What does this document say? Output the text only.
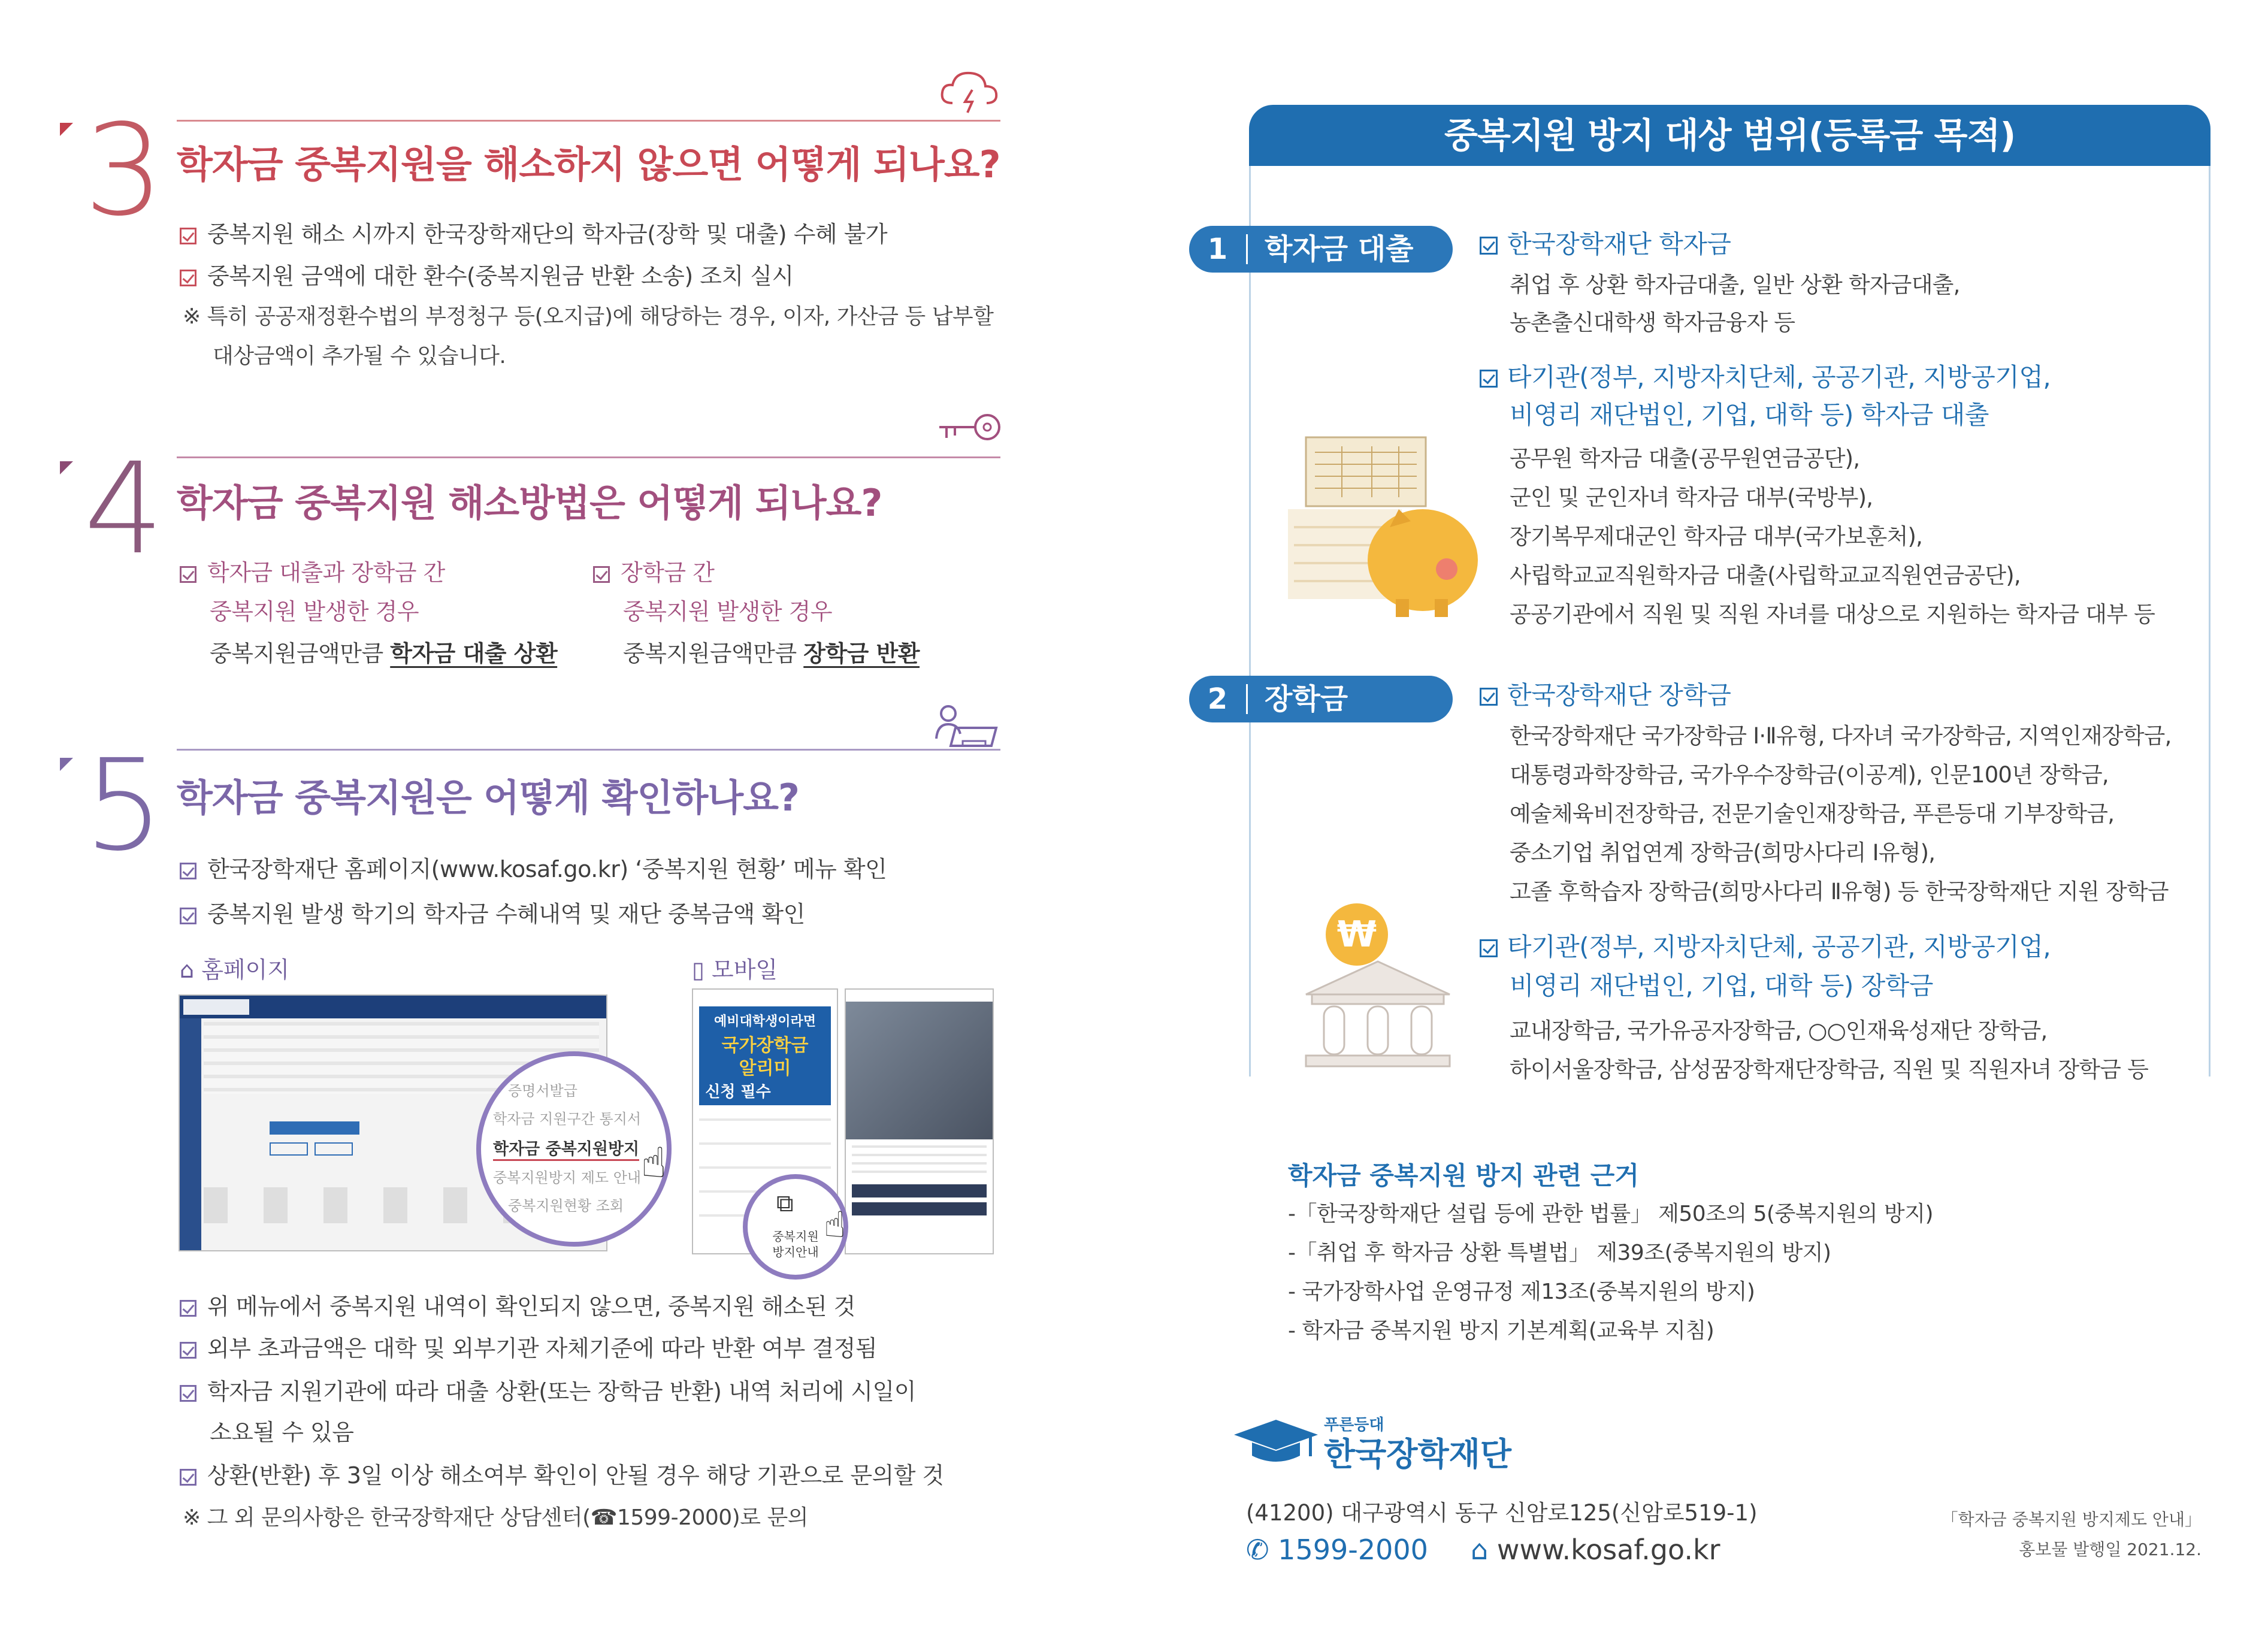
3 학자금 중복지원을 해소하지 않으면 어떻게 되나요?
중복지원 해소 시까지 한국장학재단의 학자금(장학 및 대출) 수혜 불가
중복지원 금액에 대한 환수(중복지원금 반환 소송) 조치 실시
※ 특히 공공재정환수법의 부정청구 등(오지급)에 해당하는 경우, 이자, 가산금 등 납부할
대상금액이 추가될 수 있습니다.
4 학자금 중복지원 해소방법은 어떻게 되나요?
학자금 대출과 장학금 간
중복지원 발생한 경우
중복지원금액만큼 학자금 대출 상환
장학금 간
중복지원 발생한 경우
중복지원금액만큼 장학금 반환
5 학자금 중복지원은 어떻게 확인하나요?
한국장학재단 홈페이지(www.kosaf.go.kr) ‘중복지원 현황’ 메뉴 확인
중복지원 발생 학기의 학자금 수혜내역 및 재단 중복금액 확인
⌂ 홈페이지	▯ 모바일
증명서발급
학자금 지원구간 통지서
학자금 중복지원방지
중복지원방지 제도 안내
중복지원현황 조회
☝
예비대학생이라면
국가장학금
알리미
신청 필수
⧉
중복지원
방지안내
☝
위 메뉴에서 중복지원 내역이 확인되지 않으면, 중복지원 해소된 것
외부 초과금액은 대학 및 외부기관 자체기준에 따라 반환 여부 결정됨
학자금 지원기관에 따라 대출 상환(또는 장학금 반환) 내역 처리에 시일이
소요될 수 있음
상환(반환) 후 3일 이상 해소여부 확인이 안될 경우 해당 기관으로 문의할 것
※ 그 외 문의사항은 한국장학재단 상담센터(☎1599-2000)로 문의
중복지원 방지 대상 범위(등록금 목적)
1 학자금 대출	한국장학재단 학자금
취업 후 상환 학자금대출, 일반 상환 학자금대출,
농촌출신대학생 학자금융자 등
타기관(정부, 지방자치단체, 공공기관, 지방공기업,
비영리 재단법인, 기업, 대학 등) 학자금 대출
공무원 학자금 대출(공무원연금공단),
군인 및 군인자녀 학자금 대부(국방부),
장기복무제대군인 학자금 대부(국가보훈처),
사립학교교직원학자금 대출(사립학교교직원연금공단),
공공기관에서 직원 및 직원 자녀를 대상으로 지원하는 학자금 대부 등
2 장학금	한국장학재단 장학금
한국장학재단 국가장학금 Ⅰ·Ⅱ유형, 다자녀 국가장학금, 지역인재장학금,
대통령과학장학금, 국가우수장학금(이공계), 인문100년 장학금,
예술체육비전장학금, 전문기술인재장학금, 푸른등대 기부장학금,
중소기업 취업연계 장학금(희망사다리 Ⅰ유형),
고졸 후학습자 장학금(희망사다리 Ⅱ유형) 등 한국장학재단 지원 장학금
타기관(정부, 지방자치단체, 공공기관, 지방공기업,
비영리 재단법인, 기업, 대학 등) 장학금
교내장학금, 국가유공자장학금, ○○인재육성재단 장학금,
하이서울장학금, 삼성꿈장학재단장학금, 직원 및 직원자녀 장학금 등
₩
학자금 중복지원 방지 관련 근거
-「한국장학재단 설립 등에 관한 법률」 제50조의 5(중복지원의 방지)
-「취업 후 학자금 상환 특별법」 제39조(중복지원의 방지)
- 국가장학사업 운영규정 제13조(중복지원의 방지)
- 학자금 중복지원 방지 기본계획(교육부 지침)
푸른등대
한국장학재단
(41200) 대구광역시 동구 신암로125(신암로519-1)
✆ 1599-2000 ⌂ www.kosaf.go.kr
「학자금 중복지원 방지제도 안내」
홍보물 발행일 2021.12.
